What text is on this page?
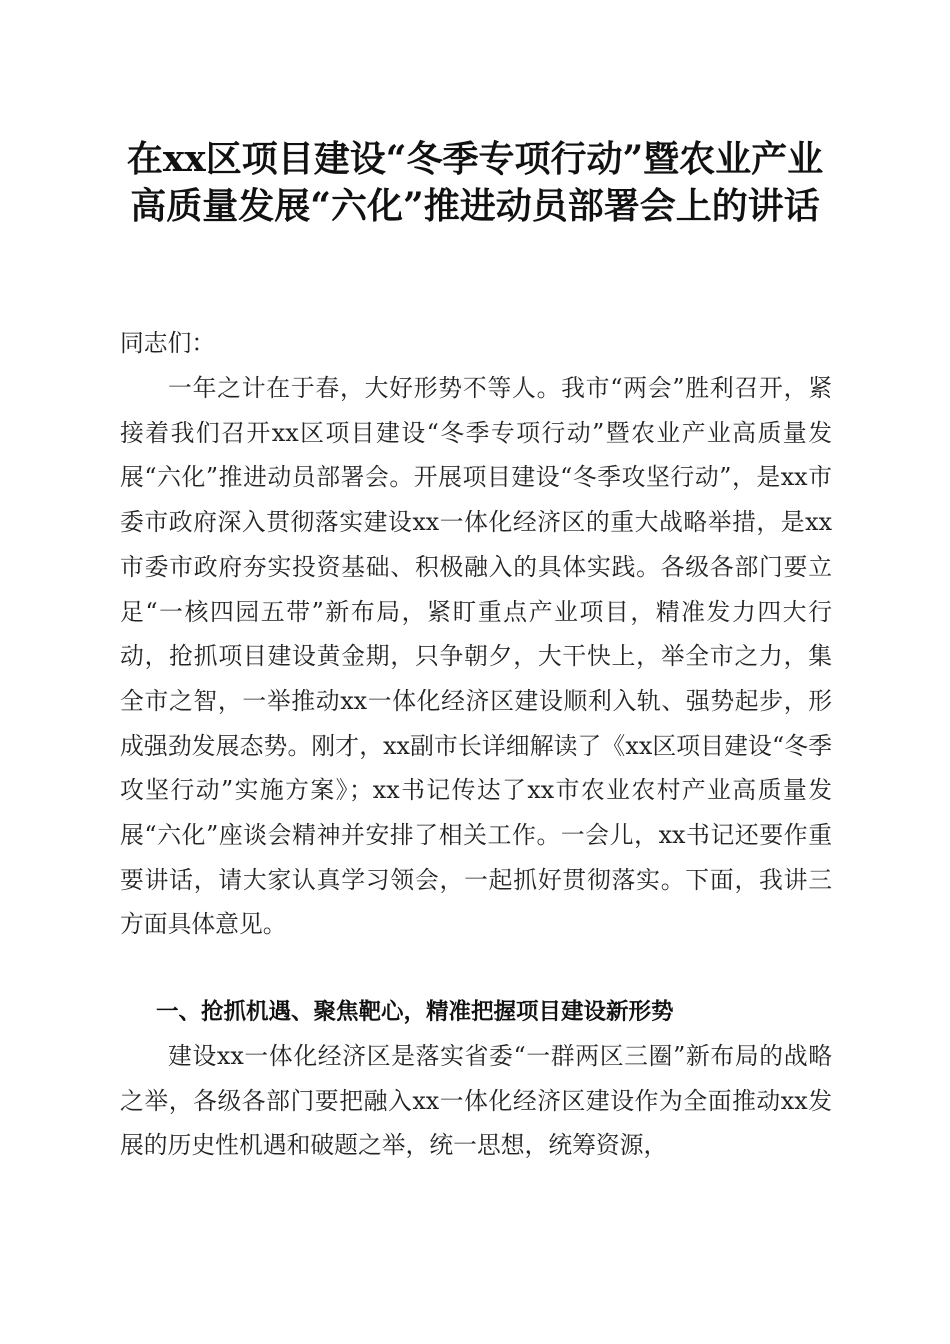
在xx区项目建设“冬季专项行动”暨农业产业高质量发展“六化”推进动员部署会上的讲话

同志们：

一年之计在于春，大好形势不等人。我市“两会”胜利召开，紧接着我们召开xx区项目建设“冬季专项行动”暨农业产业高质量发展“六化”推进动员部署会。开展项目建设“冬季攻坚行动”，是xx市委市政府深入贯彻落实建设xx一体化经济区的重大战略举措，是xx市委市政府夯实投资基础、积极融入的具体实践。各级各部门要立足“一核四园五带”新布局，紧盯重点产业项目，精准发力四大行动，抢抓项目建设黄金期，只争朝夕，大干快上，举全市之力，集全市之智，一举推动xx一体化经济区建设顺利入轨、强势起步，形成强劲发展态势。刚才，xx副市长详细解读了《xx区项目建设“冬季攻坚行动”实施方案》；xx书记传达了xx市农业农村产业高质量发展“六化”座谈会精神并安排了相关工作。一会儿，xx书记还要作重要讲话，请大家认真学习领会，一起抓好贯彻落实。下面，我讲三方面具体意见。

一、抢抓机遇、聚焦靶心，精准把握项目建设新形势

建设xx一体化经济区是落实省委“一群两区三圈”新布局的战略之举，各级各部门要把融入xx一体化经济区建设作为全面推动xx发展的历史性机遇和破题之举，统一思想，统筹资源，
